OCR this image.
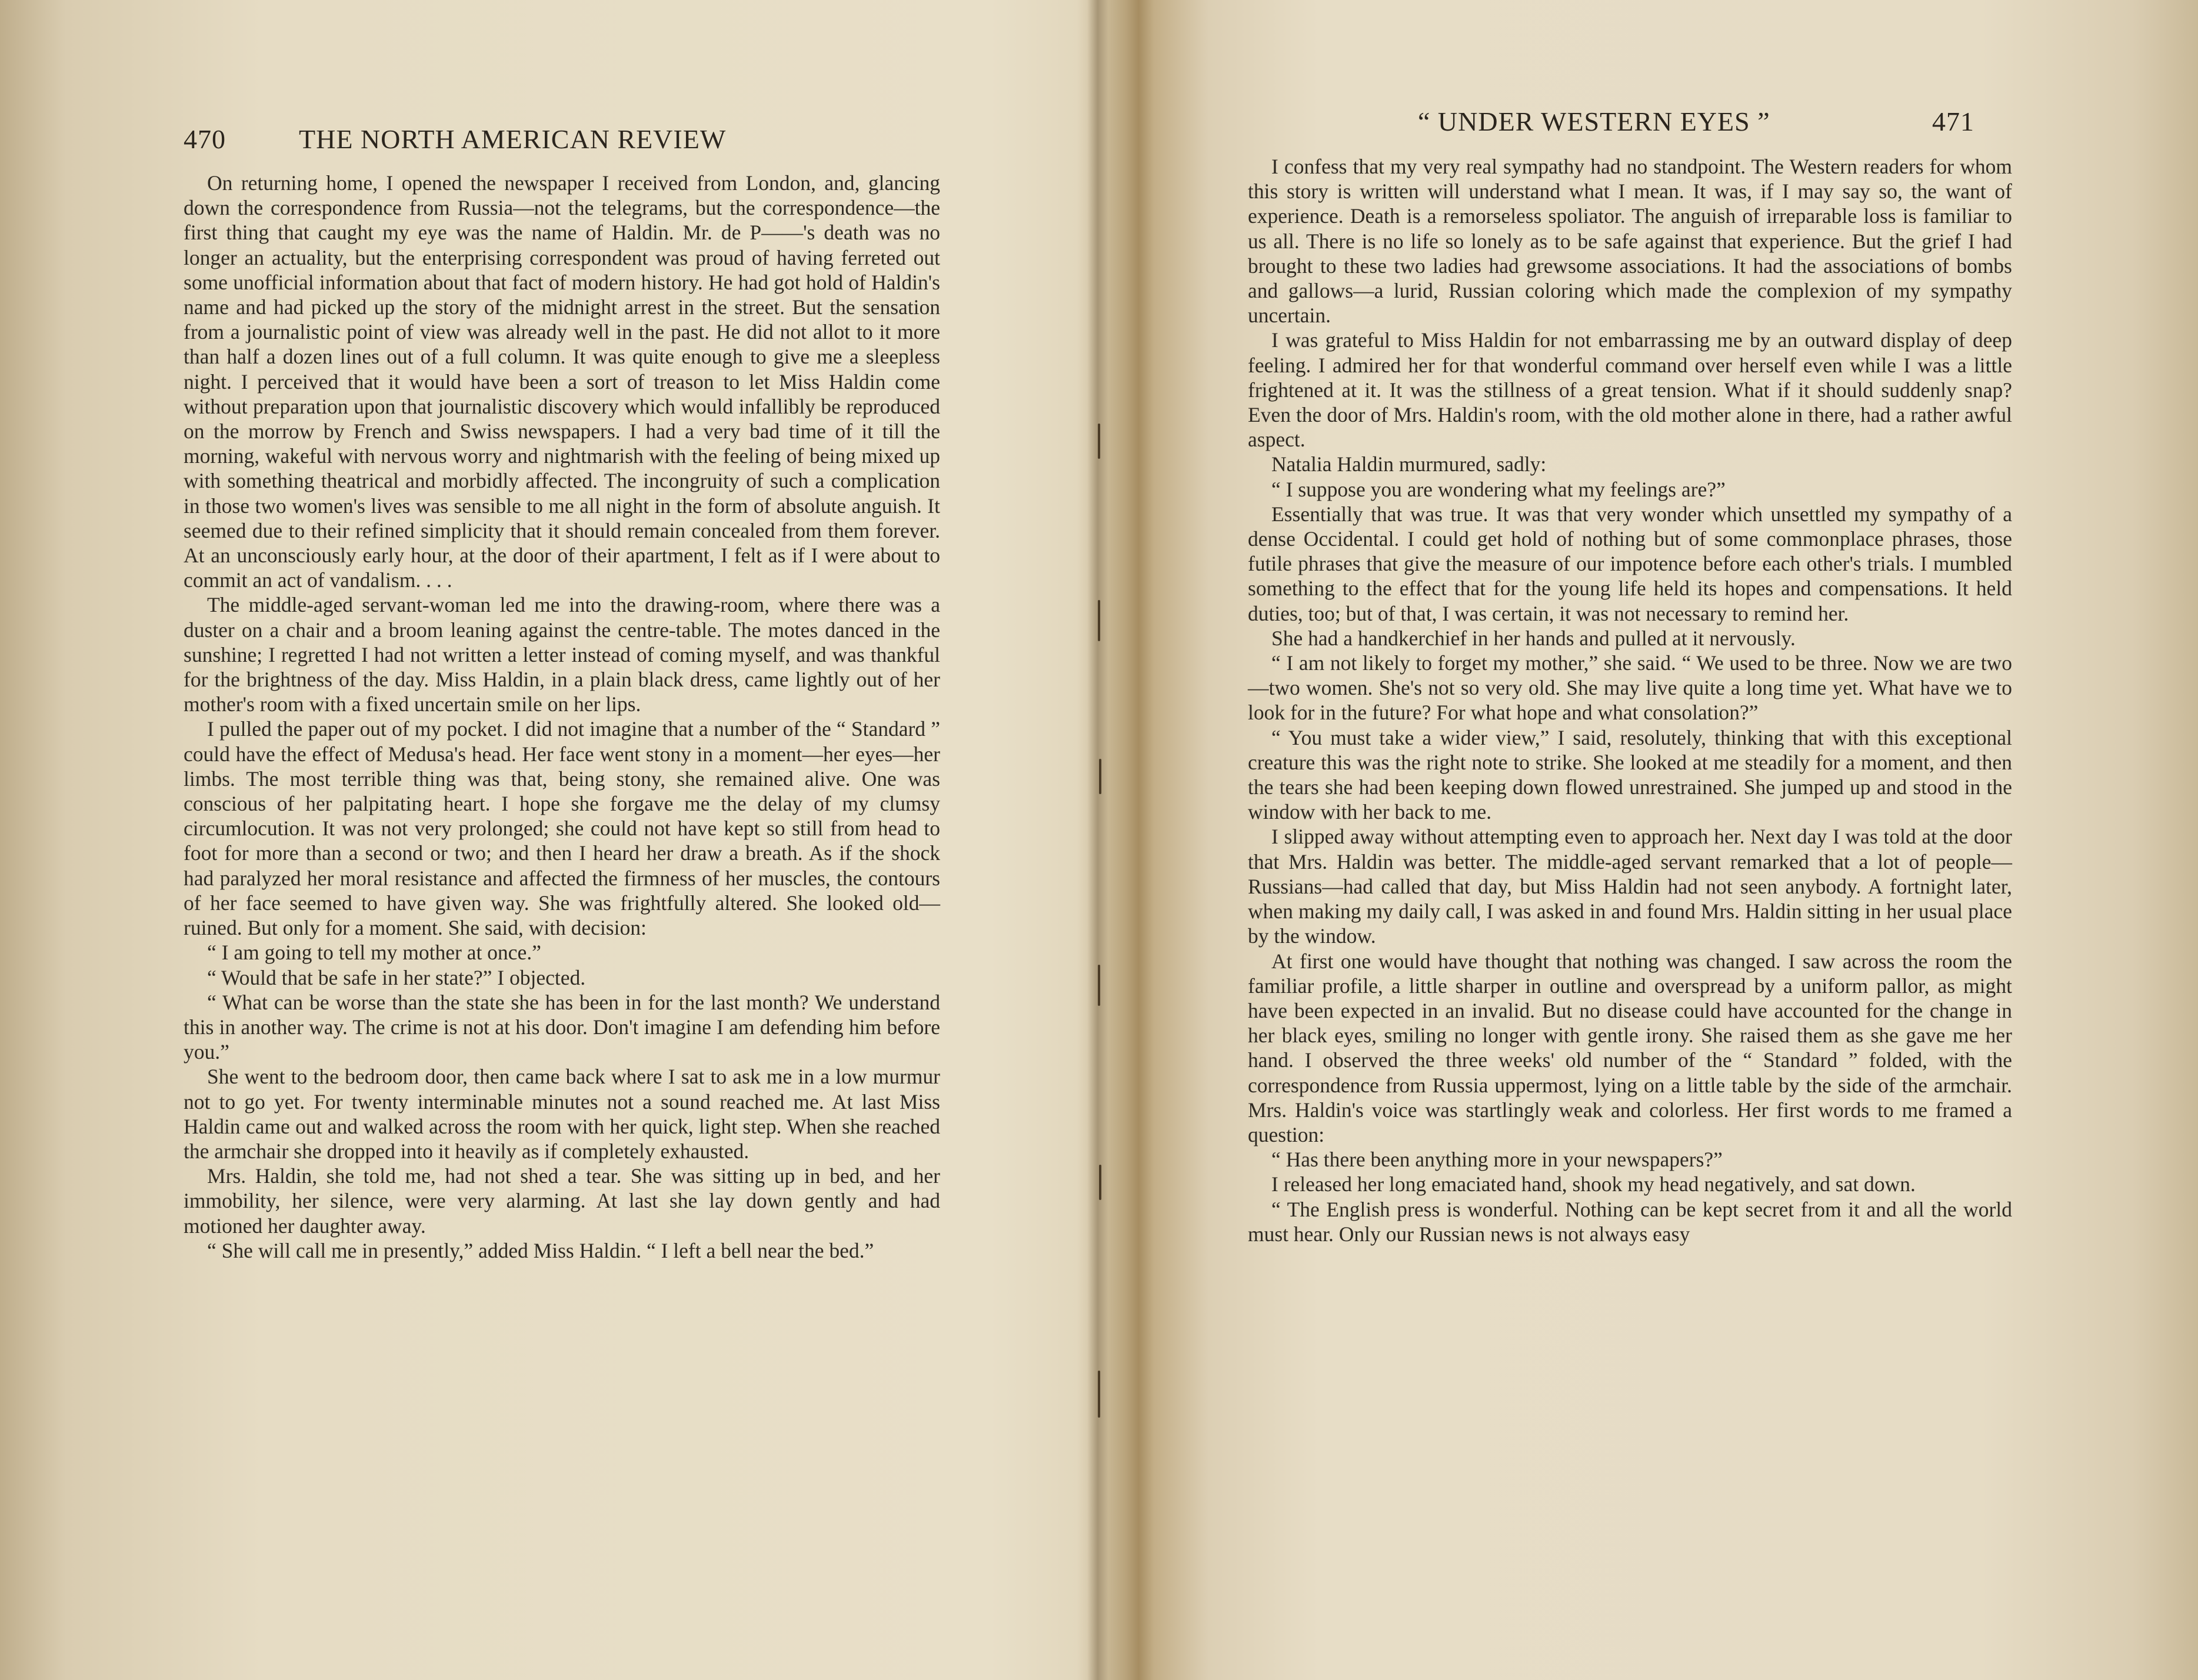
470	THE NORTH AMERICAN REVIEW

On returning home, I opened the newspaper I received from London, and, glancing down the correspondence from Russia—not the telegrams, but the correspondence—the first thing that caught my eye was the name of Haldin. Mr. de P——'s death was no longer an actuality, but the enterprising correspondent was proud of having ferreted out some unofficial information about that fact of modern history. He had got hold of Haldin's name and had picked up the story of the midnight arrest in the street. But the sensation from a journalistic point of view was already well in the past. He did not allot to it more than half a dozen lines out of a full column. It was quite enough to give me a sleepless night. I perceived that it would have been a sort of treason to let Miss Haldin come without preparation upon that journalistic discovery which would infallibly be reproduced on the morrow by French and Swiss newspapers. I had a very bad time of it till the morning, wakeful with nervous worry and nightmarish with the feeling of being mixed up with something theatrical and morbidly affected. The incongruity of such a complication in those two women's lives was sensible to me all night in the form of absolute anguish. It seemed due to their refined simplicity that it should remain concealed from them forever. At an unconsciously early hour, at the door of their apartment, I felt as if I were about to commit an act of vandalism. . . .

The middle-aged servant-woman led me into the drawing-room, where there was a duster on a chair and a broom leaning against the centre-table. The motes danced in the sunshine; I regretted I had not written a letter instead of coming myself, and was thankful for the brightness of the day. Miss Haldin, in a plain black dress, came lightly out of her mother's room with a fixed uncertain smile on her lips.

I pulled the paper out of my pocket. I did not imagine that a number of the “ Standard ” could have the effect of Medusa's head. Her face went stony in a moment—her eyes—her limbs. The most terrible thing was that, being stony, she remained alive. One was conscious of her palpitating heart. I hope she forgave me the delay of my clumsy circumlocution. It was not very prolonged; she could not have kept so still from head to foot for more than a second or two; and then I heard her draw a breath. As if the shock had paralyzed her moral resistance and affected the firmness of her muscles, the contours of her face seemed to have given way. She was frightfully altered. She looked old—ruined. But only for a moment. She said, with decision:

“ I am going to tell my mother at once.”

“ Would that be safe in her state?” I objected.

“ What can be worse than the state she has been in for the last month? We understand this in another way. The crime is not at his door. Don't imagine I am defending him before you.”

She went to the bedroom door, then came back where I sat to ask me in a low murmur not to go yet. For twenty interminable minutes not a sound reached me. At last Miss Haldin came out and walked across the room with her quick, light step. When she reached the armchair she dropped into it heavily as if completely exhausted.

Mrs. Haldin, she told me, had not shed a tear. She was sitting up in bed, and her immobility, her silence, were very alarming. At last she lay down gently and had motioned her daughter away.

“ She will call me in presently,” added Miss Haldin. “ I left a bell near the bed.”

“ UNDER WESTERN EYES ”	471

I confess that my very real sympathy had no standpoint. The Western readers for whom this story is written will understand what I mean. It was, if I may say so, the want of experience. Death is a remorseless spoliator. The anguish of irreparable loss is familiar to us all. There is no life so lonely as to be safe against that experience. But the grief I had brought to these two ladies had grewsome associations. It had the associations of bombs and gallows—a lurid, Russian coloring which made the complexion of my sympathy uncertain.

I was grateful to Miss Haldin for not embarrassing me by an outward display of deep feeling. I admired her for that wonderful command over herself even while I was a little frightened at it. It was the stillness of a great tension. What if it should suddenly snap? Even the door of Mrs. Haldin's room, with the old mother alone in there, had a rather awful aspect.

Natalia Haldin murmured, sadly:

“ I suppose you are wondering what my feelings are?”

Essentially that was true. It was that very wonder which unsettled my sympathy of a dense Occidental. I could get hold of nothing but of some commonplace phrases, those futile phrases that give the measure of our impotence before each other's trials. I mumbled something to the effect that for the young life held its hopes and compensations. It held duties, too; but of that, I was certain, it was not necessary to remind her.

She had a handkerchief in her hands and pulled at it nervously.

“ I am not likely to forget my mother,” she said. “ We used to be three. Now we are two—two women. She's not so very old. She may live quite a long time yet. What have we to look for in the future? For what hope and what consolation?”

“ You must take a wider view,” I said, resolutely, thinking that with this exceptional creature this was the right note to strike. She looked at me steadily for a moment, and then the tears she had been keeping down flowed unrestrained. She jumped up and stood in the window with her back to me.

I slipped away without attempting even to approach her. Next day I was told at the door that Mrs. Haldin was better. The middle-aged servant remarked that a lot of people—Russians—had called that day, but Miss Haldin had not seen anybody. A fortnight later, when making my daily call, I was asked in and found Mrs. Haldin sitting in her usual place by the window.

At first one would have thought that nothing was changed. I saw across the room the familiar profile, a little sharper in outline and overspread by a uniform pallor, as might have been expected in an invalid. But no disease could have accounted for the change in her black eyes, smiling no longer with gentle irony. She raised them as she gave me her hand. I observed the three weeks' old number of the “ Standard ” folded, with the correspondence from Russia uppermost, lying on a little table by the side of the armchair. Mrs. Haldin's voice was startlingly weak and colorless. Her first words to me framed a question:

“ Has there been anything more in your newspapers?”

I released her long emaciated hand, shook my head negatively, and sat down.

“ The English press is wonderful. Nothing can be kept secret from it and all the world must hear. Only our Russian news is not always easy
